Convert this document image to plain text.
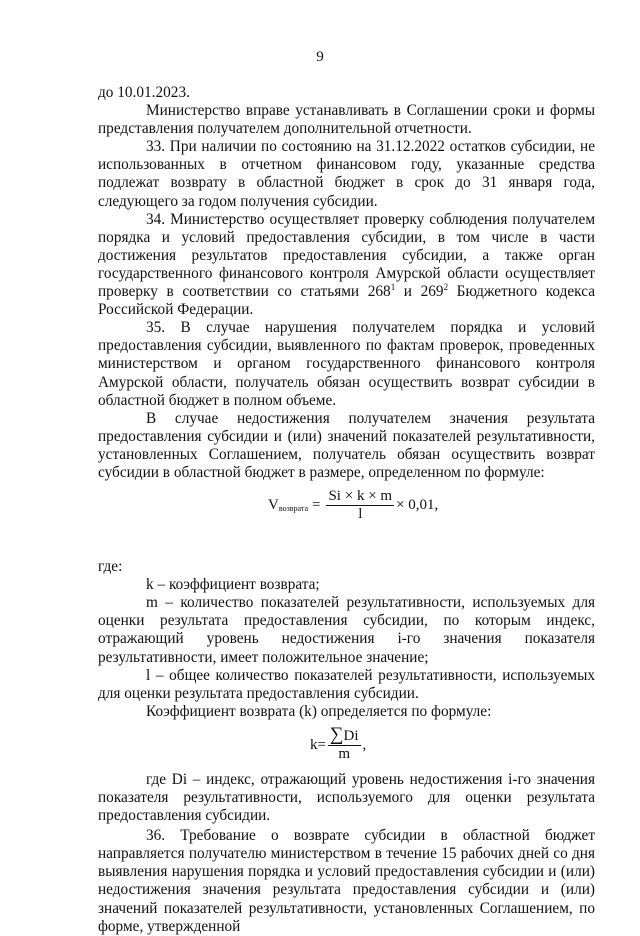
9

до 10.01.2023.

Министерство вправе устанавливать в Соглашении сроки и формы представления получателем дополнительной отчетности.

33. При наличии по состоянию на 31.12.2022 остатков субсидии, не использованных в отчетном финансовом году, указанные средства подлежат возврату в областной бюджет в срок до 31 января года, следующего за годом получения субсидии.

34. Министерство осуществляет проверку соблюдения получателем порядка и условий предоставления субсидии, в том числе в части достижения результатов предоставления субсидии, а также орган государственного финансового контроля Амурской области осуществляет проверку в соответствии со статьями $268^1$ и $269^2$ Бюджетного кодекса Российской Федерации.

35. В случае нарушения получателем порядка и условий предоставления субсидии, выявленного по фактам проверок, проведенных министерством и органом государственного финансового контроля Амурской области, получатель обязан осуществить возврат субсидии в областной бюджет в полном объеме.

В случае недостижения получателем значения результата предоставления субсидии и (или) значений показателей результативности, установленных Соглашением, получатель обязан осуществить возврат субсидии в областной бюджет в размере, определенном по формуле:

V возврата = $\frac{Si \times k \times m}{l} \times 0,01$,

где:

k – коэффициент возврата;

m – количество показателей результативности, используемых для оценки результата предоставления субсидии, по которым индекс, отражающий уровень недостижения i-го значения показателя результативности, имеет положительное значение;

l – общее количество показателей результативности, используемых для оценки результата предоставления субсидии.

Коэффициент возврата (k) определяется по формуле:

$k = \frac{\sum Di}{m}$ ,

где Di – индекс, отражающий уровень недостижения i-го значения показателя результативности, используемого для оценки результата предоставления субсидии.

36. Требование о возврате субсидии в областной бюджет направляется получателю министерством в течение 15 рабочих дней со дня выявления нарушения порядка и условий предоставления субсидии и (или) недостижения значения результата предоставления субсидии и (или) значений показателей результативности, установленных Соглашением, по форме, утвержденной
